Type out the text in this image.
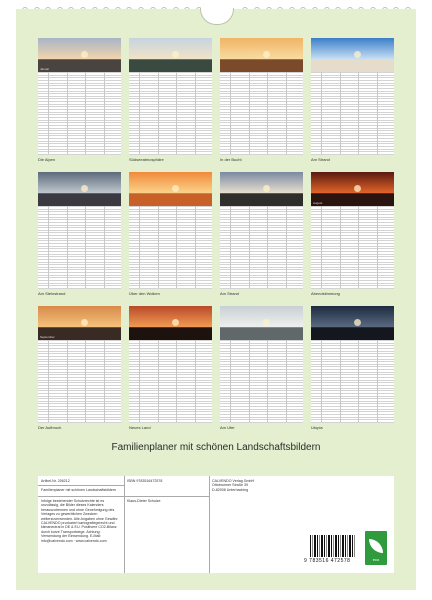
Januar
Die Alpen	Südseeatmosphäre	In der Bucht	Am Strand
Am Steinstrand	Über den Wolken	Am Strand
August
Abendstimmung
September
Der Aufbruch	Neues Land	Am Ufer	Utopia
Familienplaner mit schönen Landschaftsbildern
Artikel-Nr. 206212
Familienplaner mit schönen Landschaftsbildern
Infolge bestehender Schutzrechte ist es unzulässig, die Bilder dieses Kalenders herauszutrennen und ohne Genehmigung des Verlages zu gewerblichen Zwecken weiterzuverwenden. Alle Angaben ohne Gewähr. CALVENDO produziert kartografiegerecht und klimaneutral in DE & EU. Positivere CO2-Bilanz durch kurze Transportwege. Achtung: Verwendung der Einwendung. E-Mail: info@calvendo.com · www.calvendo.com
ISBN 9783516472578
Klaus-Dieter Schulze
CALVENDO Verlag GmbH
Ottobrunner Straße 39
D-82008 Unterhaching
9 783516 472578	eco
